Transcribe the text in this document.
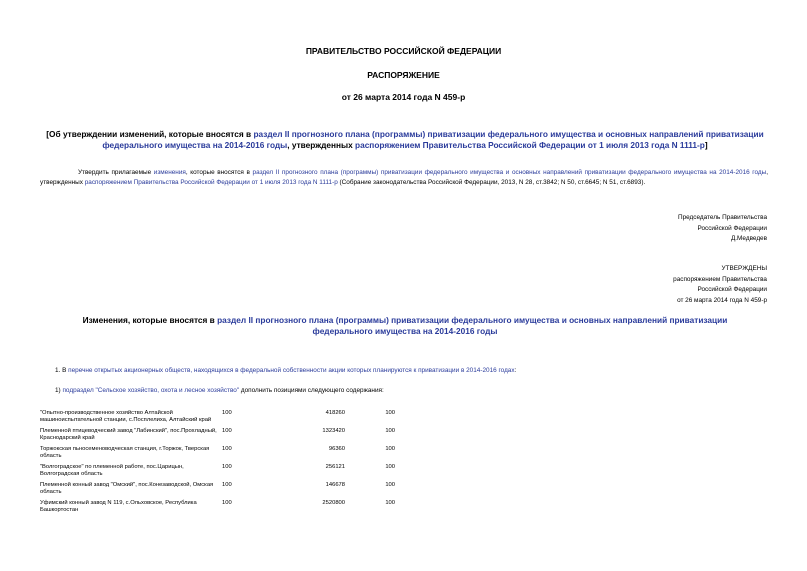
ПРАВИТЕЛЬСТВО РОССИЙСКОЙ ФЕДЕРАЦИИ

РАСПОРЯЖЕНИЕ

от 26 марта 2014 года N 459-р

[Об утверждении изменений, которые вносятся в раздел II прогнозного плана (программы) приватизации федерального имущества и основных направлений приватизации федерального имущества на 2014-2016 годы, утвержденных распоряжением Правительства Российской Федерации от 1 июля 2013 года N 1111-р]

Утвердить прилагаемые изменения, которые вносятся в раздел II прогнозного плана (программы) приватизации федерального имущества и основных направлений приватизации федерального имущества на 2014-2016 годы, утвержденных распоряжением Правительства Российской Федерации от 1 июля 2013 года N 1111-р (Собрание законодательства Российской Федерации, 2013, N 28, ст.3842; N 50, ст.6645; N 51, ст.6893).

Председатель Правительства
Российской Федерации
Д.Медведев
УТВЕРЖДЕНЫ
распоряжением Правительства
Российской Федерации
от 26 марта 2014 года N 459-р

Изменения, которые вносятся в раздел II прогнозного плана (программы) приватизации федерального имущества и основных направлений приватизации федерального имущества на 2014-2016 годы

1. В перечне открытых акционерных обществ, находящихся в федеральной собственности акции которых планируются к приватизации в 2014-2016 годах:

1) подраздел "Сельское хозяйство, охота и лесное хозяйство" дополнить позициями следующего содержания:

"Опытно-производственное хозяйство Алтайской машиноиспытательной станции, с.Посплелиха, Алтайский край	100	418260	100
Племенной птицеводческий завод "Лабинский", пос.Прохладный, Краснодарский край	100	1323420	100
Торжокская пьносеменоводческая станция, г.Торжок, Тверская область	100	96360	100
"Волгоградское" по племенной работе, пос.Царицын, Волгоградская область	100	256121	100
Племенной конный завод "Омский", пос.Конезаводской, Омская область	100	146678	100
Уфимский конный завод N 119, с.Ольховское, Республика Башкортостан	100	2520800	100
